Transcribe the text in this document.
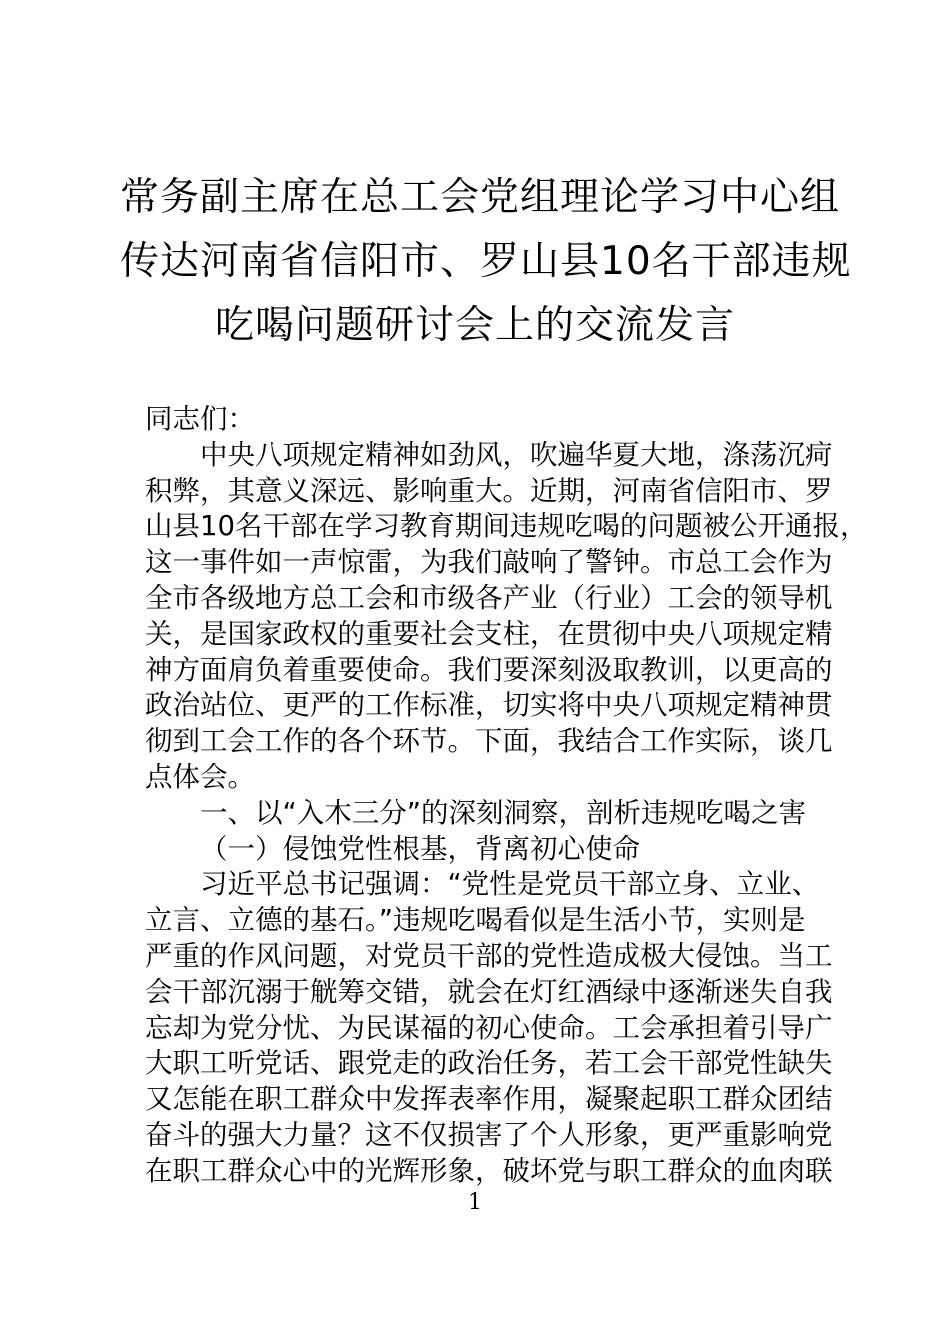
常务副主席在总工会党组理论学习中心组
传达河南省信阳市、罗山县10名干部违规
吃喝问题研讨会上的交流发言
同志们：
中央八项规定精神如劲风，吹遍华夏大地，涤荡沉疴
积弊，其意义深远、影响重大。近期，河南省信阳市、罗
山县10名干部在学习教育期间违规吃喝的问题被公开通报，
这一事件如一声惊雷，为我们敲响了警钟。市总工会作为
全市各级地方总工会和市级各产业（行业）工会的领导机
关，是国家政权的重要社会支柱，在贯彻中央八项规定精
神方面肩负着重要使命。我们要深刻汲取教训，以更高的
政治站位、更严的工作标准，切实将中央八项规定精神贯
彻到工会工作的各个环节。下面，我结合工作实际，谈几
点体会。
一、以“入木三分”的深刻洞察，剖析违规吃喝之害
（一）侵蚀党性根基，背离初心使命
习近平总书记强调：“党性是党员干部立身、立业、
立言、立德的基石。”违规吃喝看似是生活小节，实则是
严重的作风问题，对党员干部的党性造成极大侵蚀。当工
会干部沉溺于觥筹交错，就会在灯红酒绿中逐渐迷失自我
忘却为党分忧、为民谋福的初心使命。工会承担着引导广
大职工听党话、跟党走的政治任务，若工会干部党性缺失
又怎能在职工群众中发挥表率作用，凝聚起职工群众团结
奋斗的强大力量？这不仅损害了个人形象，更严重影响党
在职工群众心中的光辉形象，破坏党与职工群众的血肉联
1
